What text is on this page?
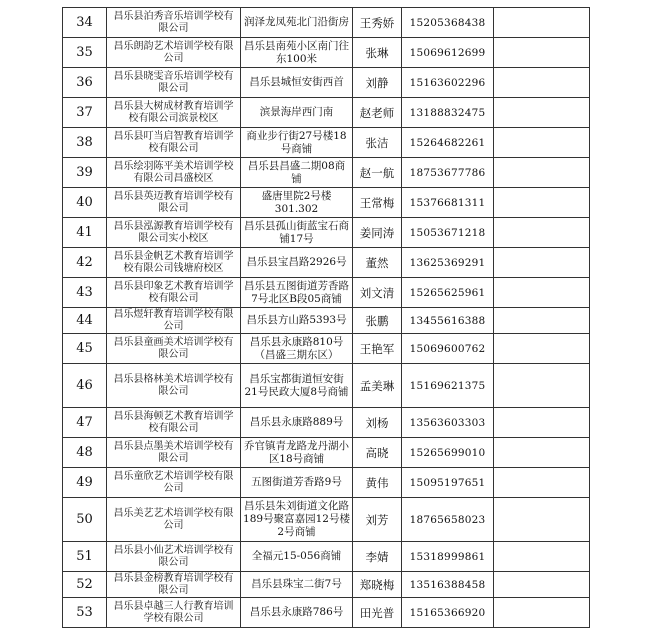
34	昌乐县泊秀音乐培训学校有限公司	润泽龙凤苑北门沿街房	王秀娇	15205368438	
35	昌乐朗韵艺术培训学校有限公司	昌乐县南苑小区南门往东100米	张琳	15069612699	
36	昌乐县晓雯音乐培训学校有限公司	昌乐县城恒安街西首	刘静	15163602296	
37	昌乐县大树成材教育培训学校有限公司滨景校区	滨景海岸西门南	赵老师	13188832475	
38	昌乐县叮当启智教育培训学校有限公司	商业步行街27号楼18号商铺	张洁	15264682261	
39	昌乐绘羽陈平美术培训学校有限公司昌盛校区	昌乐县昌盛二期08商铺	赵一航	18753677786	
40	昌乐县英迈教育培训学校有限公司	盛唐里院2号楼301.302	王常梅	15376681311	
41	昌乐县泓源教育培训学校有限公司实小校区	昌乐县孤山街蓝宝石商铺17号	姜同涛	15053671218	
42	昌乐县金帆艺术教育培训学校有限公司钱塘府校区	昌乐县宝昌路2926号	董然	13625369291	
43	昌乐县印象艺术教育培训学校有限公司	昌乐县五图街道芳香路7号北区B段05商铺	刘文清	15265625961	
44	昌乐煜轩教育培训学校有限公司	昌乐县方山路5393号	张鹏	13455616388	
45	昌乐县童画美术培训学校有限公司	昌乐县永康路810号（昌盛三期东区）	王艳军	15069600762	
46	昌乐县格林美术培训学校有限公司	昌乐宝都街道恒安街21号民政大厦8号商铺	孟美琳	15169621375	
47	昌乐县海顿艺术教育培训学校有限公司	昌乐县永康路889号	刘杨	13563603303	
48	昌乐县点墨美术培训学校有限公司	乔官镇青龙路龙丹湖小区18号商铺	高晓	15265699010	
49	昌乐童欣艺术培训学校有限公司	五图街道芳香路9号	黄伟	15095197651	
50	昌乐美艺艺术培训学校有限公司	昌乐县朱刘街道文化路189号聚富嘉园12号楼2号商铺	刘芳	18765658023	
51	昌乐县小仙艺术培训学校有限公司	全福元15-056商铺	李婧	15318999861	
52	昌乐县金榜教育培训学校有限公司	昌乐县珠宝二街7号	郑晓梅	13516388458	
53	昌乐县卓越三人行教育培训学校有限公司	昌乐县永康路786号	田光普	15165366920	
